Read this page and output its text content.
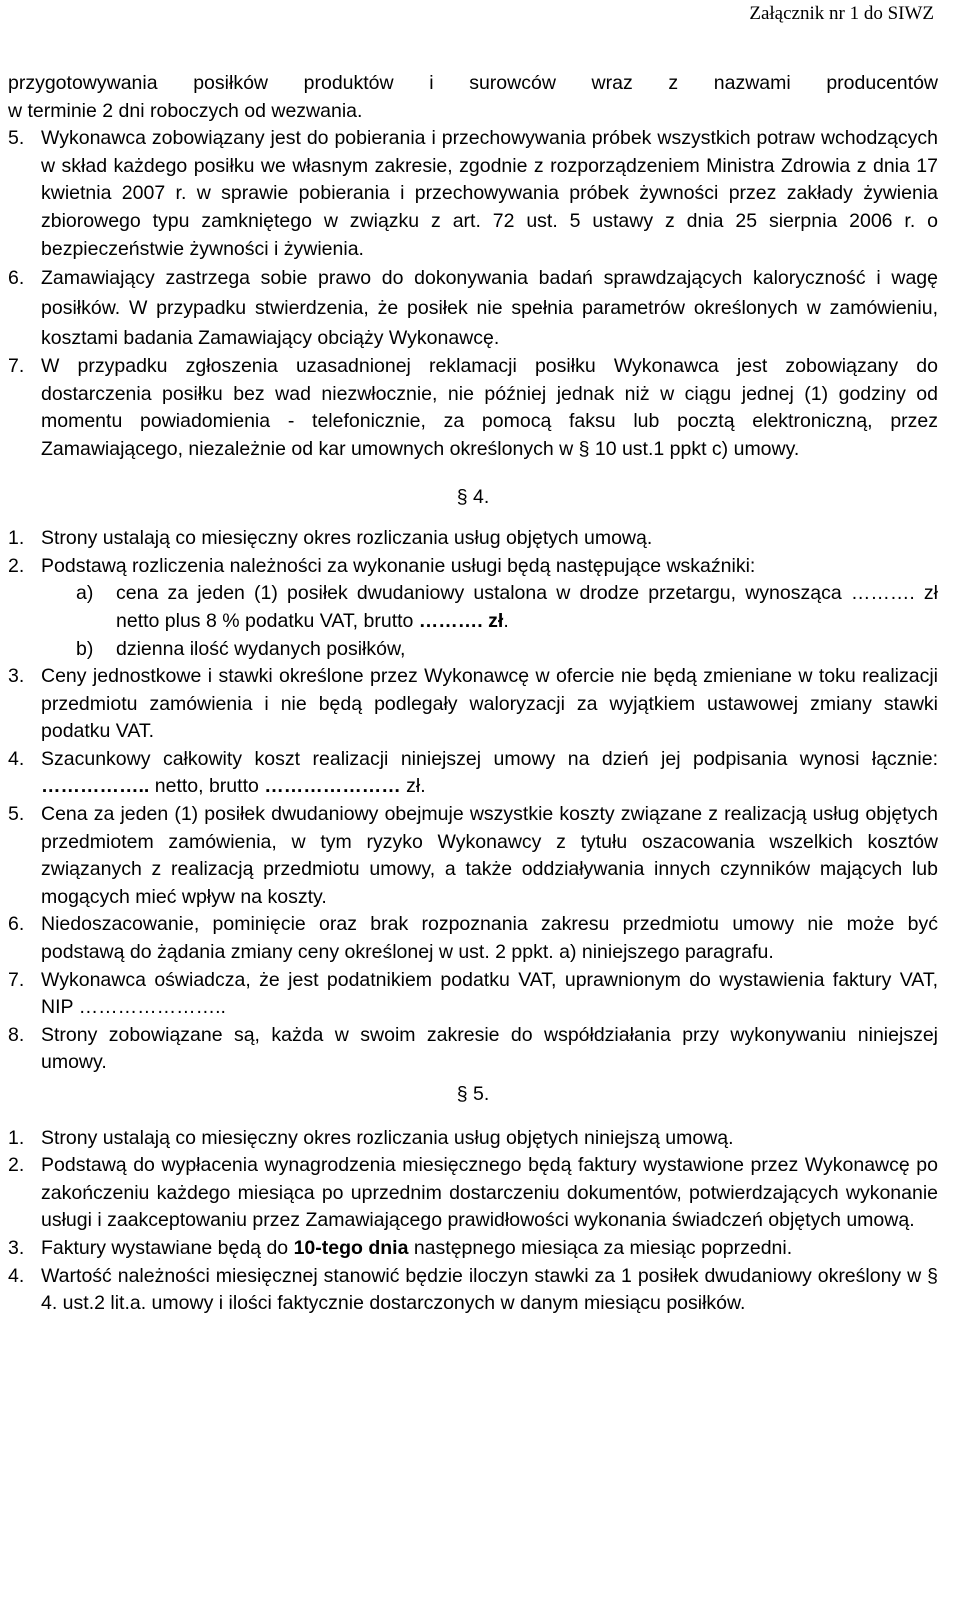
Załącznik nr 1 do SIWZ
przygotowywania posiłków produktów i surowców wraz z nazwami producentów
w terminie 2 dni roboczych od wezwania.
5. Wykonawca zobowiązany jest do pobierania i przechowywania próbek wszystkich potraw wchodzących w skład każdego posiłku we własnym zakresie, zgodnie z rozporządzeniem Ministra Zdrowia z dnia 17 kwietnia 2007 r. w sprawie pobierania i przechowywania próbek żywności przez zakłady żywienia zbiorowego typu zamkniętego w związku z art. 72 ust. 5 ustawy z dnia 25 sierpnia 2006 r. o bezpieczeństwie żywności i żywienia.
6. Zamawiający zastrzega sobie prawo do dokonywania badań sprawdzających kaloryczność i wagę posiłków. W przypadku stwierdzenia, że posiłek nie spełnia parametrów określonych w zamówieniu, kosztami badania Zamawiający obciąży Wykonawcę.
7. W przypadku zgłoszenia uzasadnionej reklamacji posiłku Wykonawca jest zobowiązany do dostarczenia posiłku bez wad niezwłocznie, nie później jednak niż w ciągu jednej (1) godziny od momentu powiadomienia - telefonicznie, za pomocą faksu lub pocztą elektroniczną, przez Zamawiającego, niezależnie od kar umownych określonych w § 10 ust.1 ppkt c) umowy.
§ 4.
1. Strony ustalają co miesięczny okres rozliczania usług objętych umową.
2. Podstawą rozliczenia należności za wykonanie usługi będą następujące wskaźniki:
a)	cena za jeden (1) posiłek dwudaniowy ustalona w drodze przetargu, wynosząca ………. zł netto plus 8 % podatku VAT, brutto ………. zł.
b)	dzienna ilość wydanych posiłków,
3. Ceny jednostkowe i stawki określone przez Wykonawcę w ofercie nie będą zmieniane w toku realizacji przedmiotu zamówienia i nie będą podlegały waloryzacji za wyjątkiem ustawowej zmiany stawki podatku VAT.
4. Szacunkowy całkowity koszt realizacji niniejszej umowy na dzień jej podpisania wynosi łącznie: …………….. netto, brutto ………………… zł.
5. Cena za jeden (1) posiłek dwudaniowy obejmuje wszystkie koszty związane z realizacją usług objętych przedmiotem zamówienia, w tym ryzyko Wykonawcy z tytułu oszacowania wszelkich kosztów związanych z realizacją przedmiotu umowy, a także oddziaływania innych czynników mających lub mogących mieć wpływ na koszty.
6. Niedoszacowanie, pominięcie oraz brak rozpoznania zakresu przedmiotu umowy nie może być podstawą do żądania zmiany ceny określonej w ust. 2 ppkt. a) niniejszego paragrafu.
7. Wykonawca oświadcza, że jest podatnikiem podatku VAT, uprawnionym do wystawienia faktury VAT, NIP …………………..
8. Strony zobowiązane są, każda w swoim zakresie do współdziałania przy wykonywaniu niniejszej umowy.
§ 5.
1. Strony ustalają co miesięczny okres rozliczania usług objętych niniejszą umową.
2. Podstawą do wypłacenia wynagrodzenia miesięcznego będą faktury wystawione przez Wykonawcę po zakończeniu każdego miesiąca po uprzednim dostarczeniu dokumentów, potwierdzających wykonanie usługi i zaakceptowaniu przez Zamawiającego prawidłowości wykonania świadczeń objętych umową.
3. Faktury wystawiane będą do 10-tego dnia następnego miesiąca za miesiąc poprzedni.
4. Wartość należności miesięcznej stanowić będzie iloczyn stawki za 1 posiłek dwudaniowy określony w § 4. ust.2 lit.a. umowy i ilości faktycznie dostarczonych w danym miesiącu posiłków.
